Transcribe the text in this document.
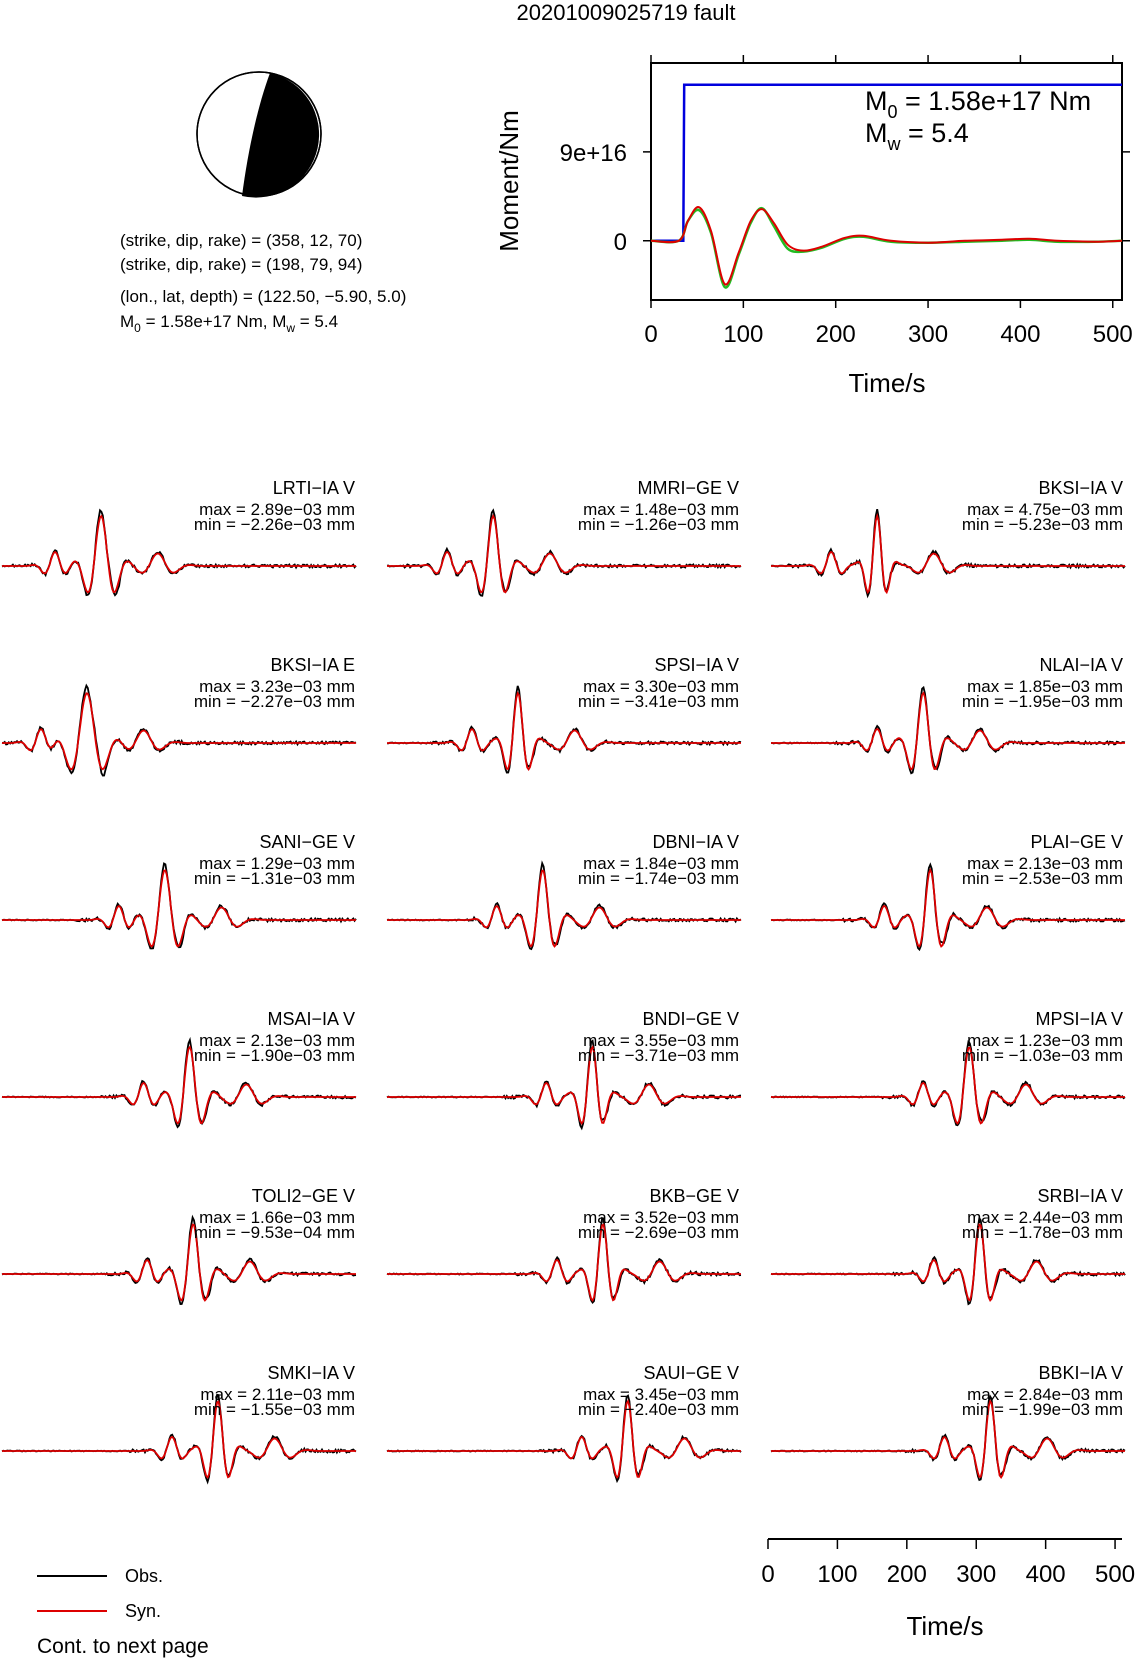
20201009025719 fault
(strike, dip, rake) = (358, 12, 70)
(strike, dip, rake) = (198, 79, 94)
(lon., lat, depth) = (122.50, −5.90, 5.0)
$M_0 = 1.58e+17$ Nm, $M_w = 5.4$
$M_0 = 1.58e+17$ Nm
$M_w = 5.4$
Moment/Nm
Time/s
0	100 200 300 400 500
0
9e+16
LRTI−IA V
max = 2.89e−03 mm
min = −2.26e−03 mm
MMRI−GE V
max = 1.48e−03 mm
min = −1.26e−03 mm
BKSI−IA V
max = 4.75e−03 mm
min = −5.23e−03 mm
BKSI−IA E
max = 3.23e−03 mm
min = −2.27e−03 mm
SPSI−IA V
max = 3.30e−03 mm
min = −3.41e−03 mm
NLAI−IA V
max = 1.85e−03 mm
min = −1.95e−03 mm
SANI−GE V
max = 1.29e−03 mm
min = −1.31e−03 mm
DBNI−IA V
max = 1.84e−03 mm
min = −1.74e−03 mm
PLAI−GE V
max = 2.13e−03 mm
min = −2.53e−03 mm
MSAI−IA V
max = 2.13e−03 mm
min = −1.90e−03 mm
BNDI−GE V
max = 3.55e−03 mm
min = −3.71e−03 mm
MPSI−IA V
max = 1.23e−03 mm
min = −1.03e−03 mm
TOLI2−GE V
max = 1.66e−03 mm
min = −9.53e−04 mm
BKB−GE V
max = 3.52e−03 mm
min = −2.69e−03 mm
SRBI−IA V
max = 2.44e−03 mm
min = −1.78e−03 mm
SMKI−IA V
max = 2.11e−03 mm
min = −1.55e−03 mm
SAUI−GE V
max = 3.45e−03 mm
min = −2.40e−03 mm
BBKI−IA V
max = 2.84e−03 mm
min = −1.99e−03 mm
Time/s
0 100 200 300 400 500
Obs.
Syn.
Cont. to next page
